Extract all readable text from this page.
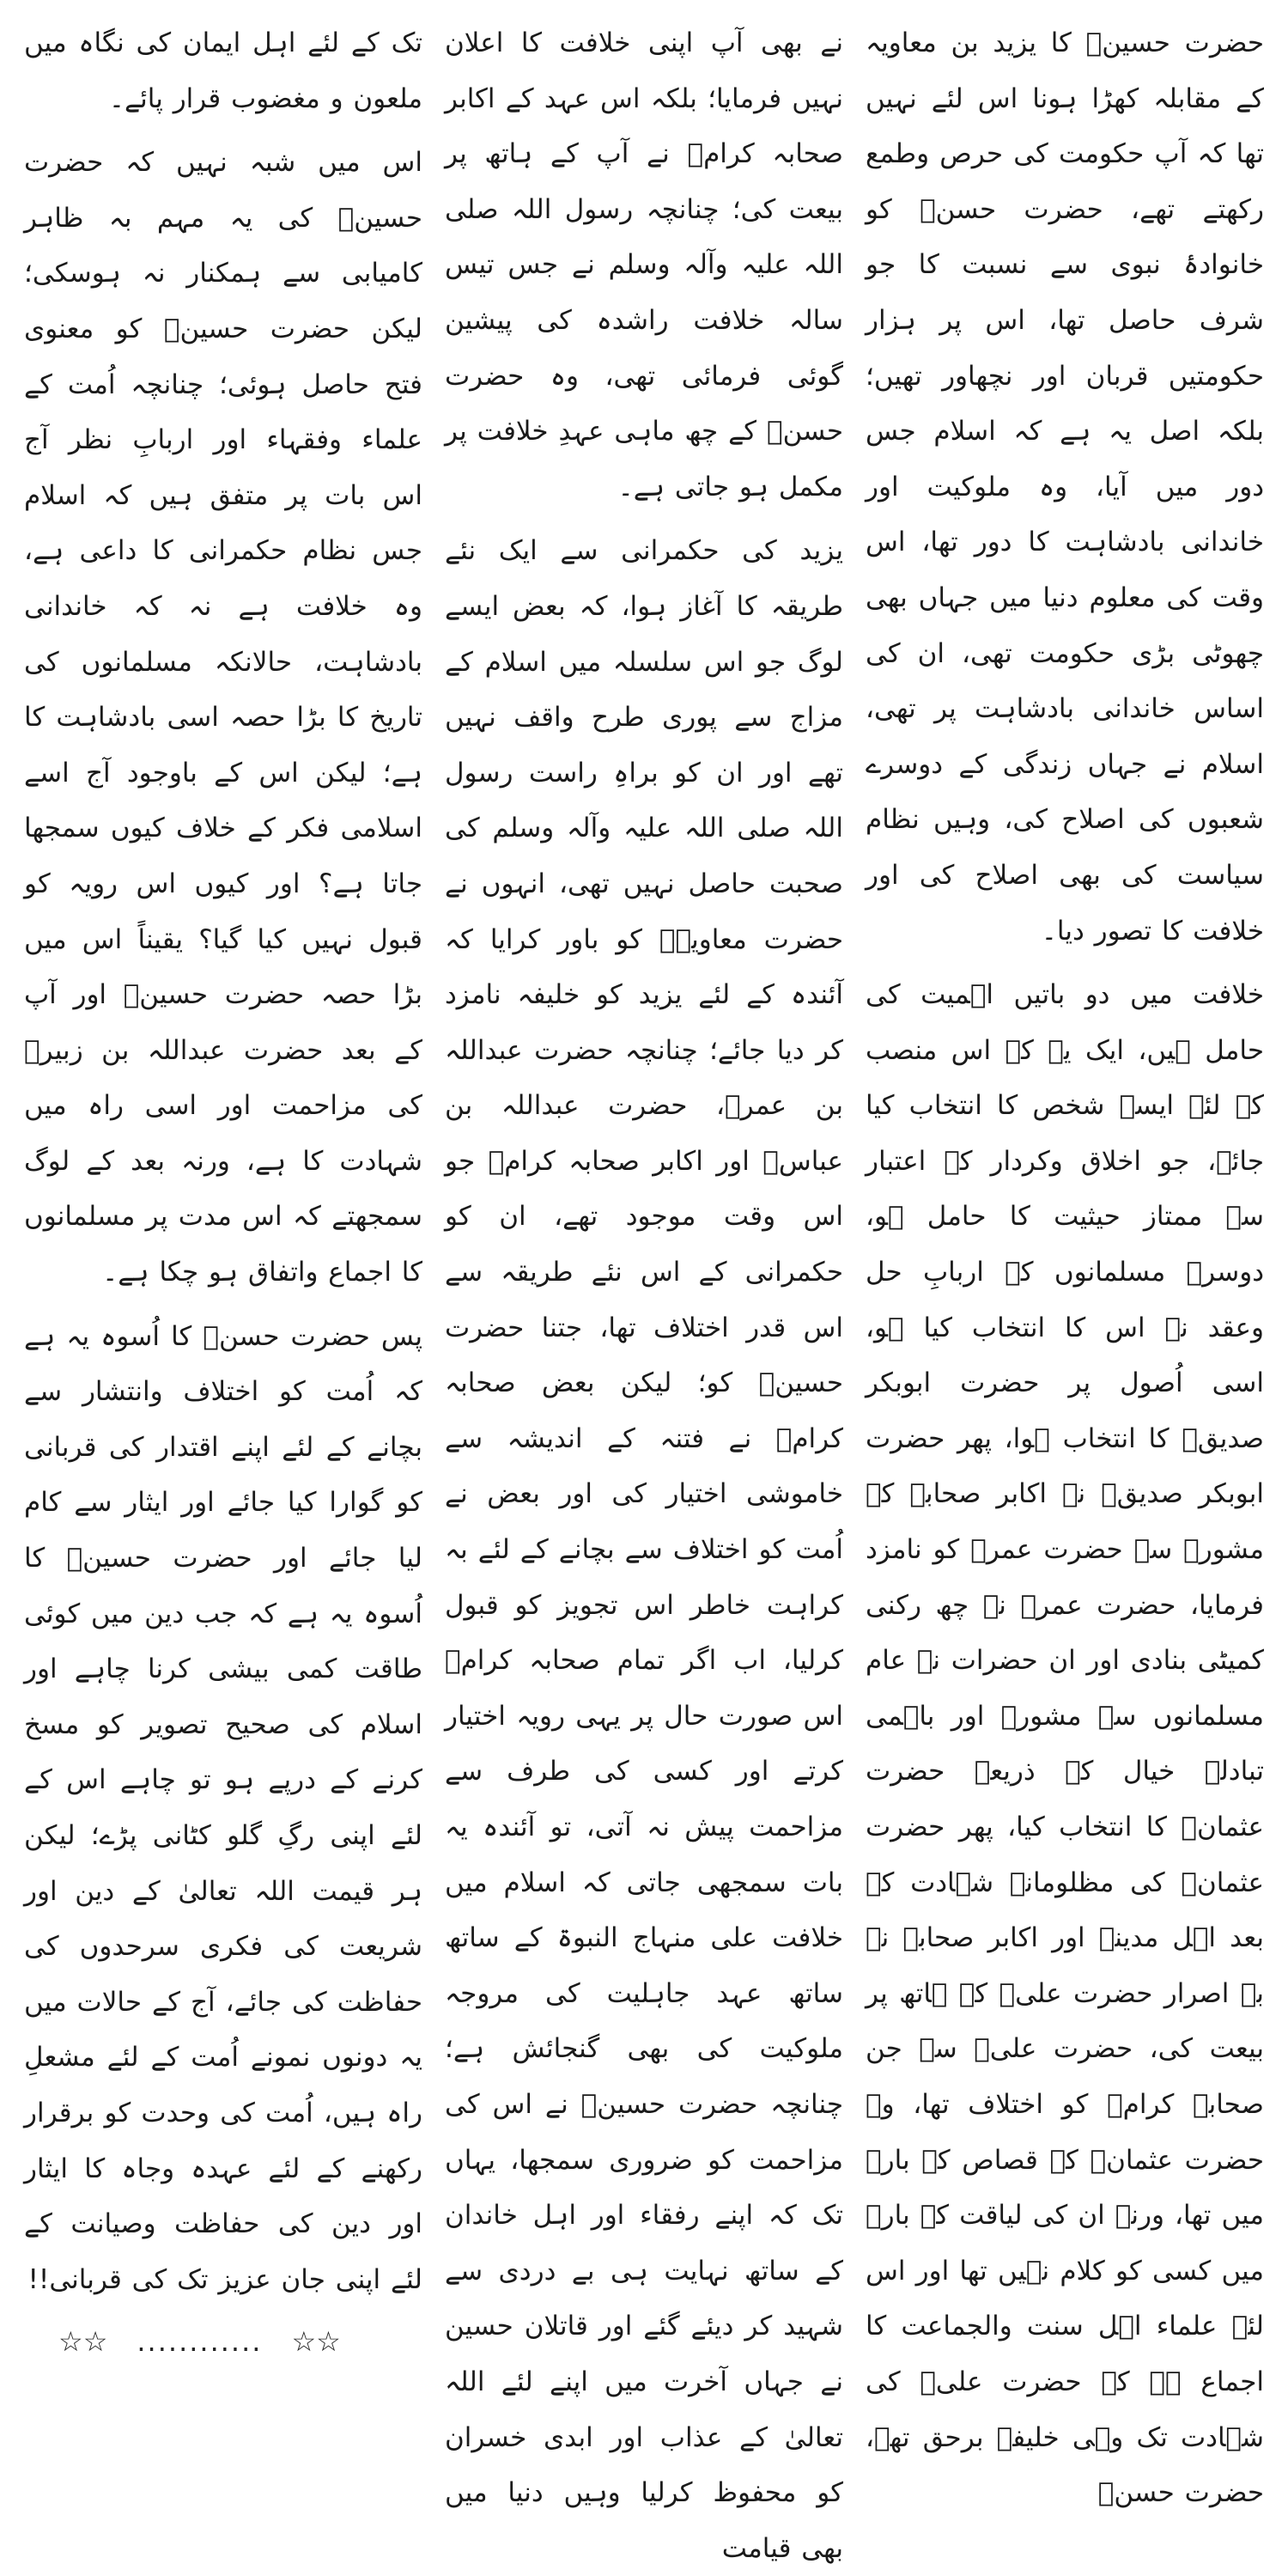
حضرت حسینؓ کا یزید بن معاویہ کے مقابلہ کھڑا ہونا اس لئے نہیں تھا کہ آپ حکومت کی حرص وطمع رکھتے تھے، حضرت حسنؓ کو خانوادۂ نبوی سے نسبت کا جو شرف حاصل تھا، اس پر ہزار حکومتیں قربان اور نچھاور تھیں؛ بلکہ اصل یہ ہے کہ اسلام جس دور میں آیا، وہ ملوکیت اور خاندانی بادشاہت کا دور تھا، اس وقت کی معلوم دنیا میں جہاں بھی چھوٹی بڑی حکومت تھی، ان کی اساس خاندانی بادشاہت پر تھی، اسلام نے جہاں زندگی کے دوسرے شعبوں کی اصلاح کی، وہیں نظام سیاست کی بھی اصلاح کی اور خلافت کا تصور دیا۔

خلافت میں دو باتیں اہمیت کی حامل ہیں، ایک یہ کہ اس منصب کے لئے ایسے شخص کا انتخاب کیا جائے، جو اخلاق وکردار کے اعتبار سے ممتاز حیثیت کا حامل ہو، دوسرے مسلمانوں کے اربابِ حل وعقد نے اس کا انتخاب کیا ہو، اسی اُصول پر حضرت ابوبکر صدیقؓ کا انتخاب ہوا، پھر حضرت ابوبکر صدیقؓ نے اکابر صحابہ کے مشورہ سے حضرت عمرؓ کو نامزد فرمایا، حضرت عمرؓ نے چھ رکنی کمیٹی بنادی اور ان حضرات نے عام مسلمانوں سے مشورہ اور باہمی تبادلہ خیال کے ذریعہ حضرت عثمانؓ کا انتخاب کیا، پھر حضرت عثمانؓ کی مظلومانہ شہادت کے بعد اہل مدینہ اور اکابر صحابہ نے بہ اصرار حضرت علیؓ کے ہاتھ پر بیعت کی، حضرت علیؓ سے جن صحابہ کرامؓ کو اختلاف تھا، وہ حضرت عثمانؓ کے قصاص کے بارے میں تھا، ورنہ ان کی لیاقت کے بارے میں کسی کو کلام نہیں تھا اور اس لئے علماء اہل سنت والجماعت کا اجماع ہے کہ حضرت علیؓ کی شہادت تک وہی خلیفۂ برحق تھے، حضرت حسنؓ

نے بھی آپ اپنی خلافت کا اعلان نہیں فرمایا؛ بلکہ اس عہد کے اکابر صحابہ کرامؓ نے آپ کے ہاتھ پر بیعت کی؛ چنانچہ رسول اللہ صلی اللہ علیہ وآلہ وسلم نے جس تیس سالہ خلافت راشدہ کی پیشین گوئی فرمائی تھی، وہ حضرت حسنؓ کے چھ ماہی عہدِ خلافت پر مکمل ہو جاتی ہے۔

یزید کی حکمرانی سے ایک نئے طریقہ کا آغاز ہوا، کہ بعض ایسے لوگ جو اس سلسلہ میں اسلام کے مزاج سے پوری طرح واقف نہیں تھے اور ان کو براہِ راست رسول اللہ صلی اللہ علیہ وآلہ وسلم کی صحبت حاصل نہیں تھی، انہوں نے حضرت معاویہؓ کو باور کرایا کہ آئندہ کے لئے یزید کو خلیفہ نامزد کر دیا جائے؛ چنانچہ حضرت عبداللہ بن عمرؓ، حضرت عبداللہ بن عباسؓ اور اکابر صحابہ کرامؓ جو اس وقت موجود تھے، ان کو حکمرانی کے اس نئے طریقہ سے اس قدر اختلاف تھا، جتنا حضرت حسینؓ کو؛ لیکن بعض صحابہ کرامؓ نے فتنہ کے اندیشہ سے خاموشی اختیار کی اور بعض نے اُمت کو اختلاف سے بچانے کے لئے بہ کراہت خاطر اس تجویز کو قبول کرلیا، اب اگر تمام صحابہ کرامؓ اس صورت حال پر یہی رویہ اختیار کرتے اور کسی کی طرف سے مزاحمت پیش نہ آتی، تو آئندہ یہ بات سمجھی جاتی کہ اسلام میں خلافت علی منہاج النبوۃ کے ساتھ ساتھ عہد جاہلیت کی مروجہ ملوکیت کی بھی گنجائش ہے؛ چنانچہ حضرت حسینؓ نے اس کی مزاحمت کو ضروری سمجھا، یہاں تک کہ اپنے رفقاء اور اہل خاندان کے ساتھ نہایت ہی بے دردی سے شہید کر دیئے گئے اور قاتلان حسین نے جہاں آخرت میں اپنے لئے اللہ تعالیٰ کے عذاب اور ابدی خسران کو محفوظ کرلیا وہیں دنیا میں بھی قیامت

تک کے لئے اہل ایمان کی نگاہ میں ملعون و مغضوب قرار پائے۔

اس میں شبہ نہیں کہ حضرت حسینؓ کی یہ مہم بہ ظاہر کامیابی سے ہمکنار نہ ہوسکی؛ لیکن حضرت حسینؓ کو معنوی فتح حاصل ہوئی؛ چنانچہ اُمت کے علماء وفقہاء اور اربابِ نظر آج اس بات پر متفق ہیں کہ اسلام جس نظام حکمرانی کا داعی ہے، وہ خلافت ہے نہ کہ خاندانی بادشاہت، حالانکہ مسلمانوں کی تاریخ کا بڑا حصہ اسی بادشاہت کا ہے؛ لیکن اس کے باوجود آج اسے اسلامی فکر کے خلاف کیوں سمجھا جاتا ہے؟ اور کیوں اس رویہ کو قبول نہیں کیا گیا؟ یقیناً اس میں بڑا حصہ حضرت حسینؓ اور آپ کے بعد حضرت عبداللہ بن زبیرؓ کی مزاحمت اور اسی راہ میں شہادت کا ہے، ورنہ بعد کے لوگ سمجھتے کہ اس مدت پر مسلمانوں کا اجماع واتفاق ہو چکا ہے۔

پس حضرت حسنؓ کا اُسوہ یہ ہے کہ اُمت کو اختلاف وانتشار سے بچانے کے لئے اپنے اقتدار کی قربانی کو گوارا کیا جائے اور ایثار سے کام لیا جائے اور حضرت حسینؓ کا اُسوہ یہ ہے کہ جب دین میں کوئی طاقت کمی بیشی کرنا چاہے اور اسلام کی صحیح تصویر کو مسخ کرنے کے درپے ہو تو چاہے اس کے لئے اپنی رگِ گلو کٹانی پڑے؛ لیکن ہر قیمت اللہ تعالیٰ کے دین اور شریعت کی فکری سرحدوں کی حفاظت کی جائے، آج کے حالات میں یہ دونوں نمونے اُمت کے لئے مشعلِ راہ ہیں، اُمت کی وحدت کو برقرار رکھنے کے لئے عہدہ وجاہ کا ایثار اور دین کی حفاظت وصیانت کے لئے اپنی جان عزیز تک کی قربانی!!

☆☆ ............ ☆☆
